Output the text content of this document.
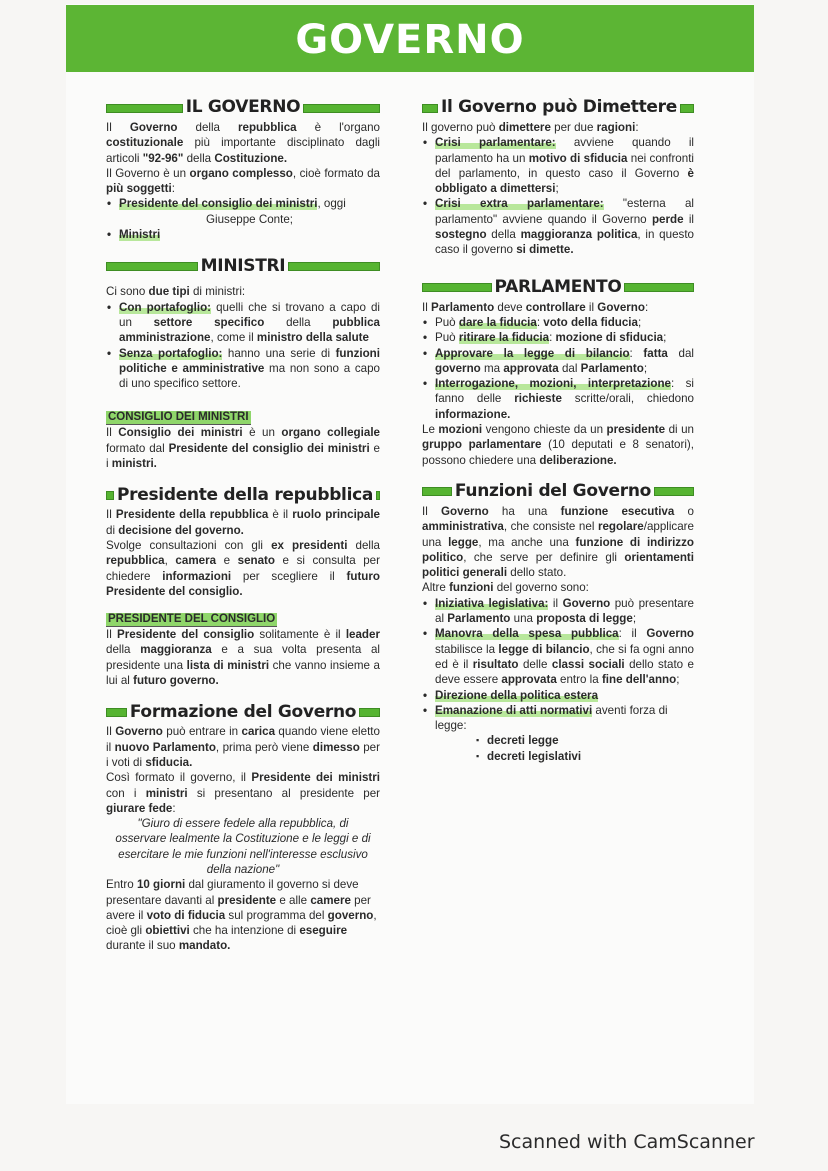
GOVERNO
IL GOVERNO

Il Governo della repubblica è l'organo costituzionale più importante disciplinato dagli articoli "92-96" della Costituzione.

Il Governo è un organo complesso, cioè formato da più soggetti:

• Presidente del consiglio dei ministri, oggi
Giuseppe Conte;
• Ministri
MINISTRI

Ci sono due tipi di ministri:

• Con portafoglio: quelli che si trovano a capo di un settore specifico della pubblica amministrazione, come il ministro della salute
• Senza portafoglio: hanno una serie di funzioni politiche e amministrative ma non sono a capo di uno specifico settore.
CONSIGLIO DEI MINISTRI

Il Consiglio dei ministri è un organo collegiale formato dal Presidente del consiglio dei ministri e i ministri.

Presidente della repubblica

Il Presidente della repubblica è il ruolo principale di decisione del governo.

Svolge consultazioni con gli ex presidenti della repubblica, camera e senato e si consulta per chiedere informazioni per scegliere il futuro Presidente del consiglio.

PRESIDENTE DEL CONSIGLIO

Il Presidente del consiglio solitamente è il leader della maggioranza e a sua volta presenta al presidente una lista di ministri che vanno insieme a lui al futuro governo.

Formazione del Governo

Il Governo può entrare in carica quando viene eletto il nuovo Parlamento, prima però viene dimesso per i voti di sfiducia.

Così formato il governo, il Presidente dei ministri con i ministri si presentano al presidente per giurare fede:

"Giuro di essere fedele alla repubblica, di osservare lealmente la Costituzione e le leggi e di esercitare le mie funzioni nell'interesse esclusivo della nazione"

Entro 10 giorni dal giuramento il governo si deve presentare davanti al presidente e alle camere per avere il voto di fiducia sul programma del governo, cioè gli obiettivi che ha intenzione di eseguire durante il suo mandato.

Il Governo può Dimettere

Il governo può dimettere per due ragioni:

• Crisi parlamentare: avviene quando il parlamento ha un motivo di sfiducia nei confronti del parlamento, in questo caso il Governo è obbligato a dimettersi;
• Crisi extra parlamentare: "esterna al parlamento" avviene quando il Governo perde il sostegno della maggioranza politica, in questo caso il governo si dimette.
PARLAMENTO

Il Parlamento deve controllare il Governo:

• Può dare la fiducia: voto della fiducia;
• Può ritirare la fiducia: mozione di sfiducia;
• Approvare la legge di bilancio: fatta dal governo ma approvata dal Parlamento;
• Interrogazione, mozioni, interpretazione: si fanno delle richieste scritte/orali, chiedono informazione.

Le mozioni vengono chieste da un presidente di un gruppo parlamentare (10 deputati e 8 senatori), possono chiedere una deliberazione.

Funzioni del Governo

Il Governo ha una funzione esecutiva o amministrativa, che consiste nel regolare/applicare una legge, ma anche una funzione di indirizzo politico, che serve per definire gli orientamenti politici generali dello stato.

Altre funzioni del governo sono:

• Iniziativa legislativa: il Governo può presentare al Parlamento una proposta di legge;
• Manovra della spesa pubblica: il Governo stabilisce la legge di bilancio, che si fa ogni anno ed è il risultato delle classi sociali dello stato e deve essere approvata entro la fine dell'anno;
• Direzione della politica estera
• Emanazione di atti normativi aventi forza di legge:
▪ decreti legge
▪ decreti legislativi
Scanned with CamScanner
